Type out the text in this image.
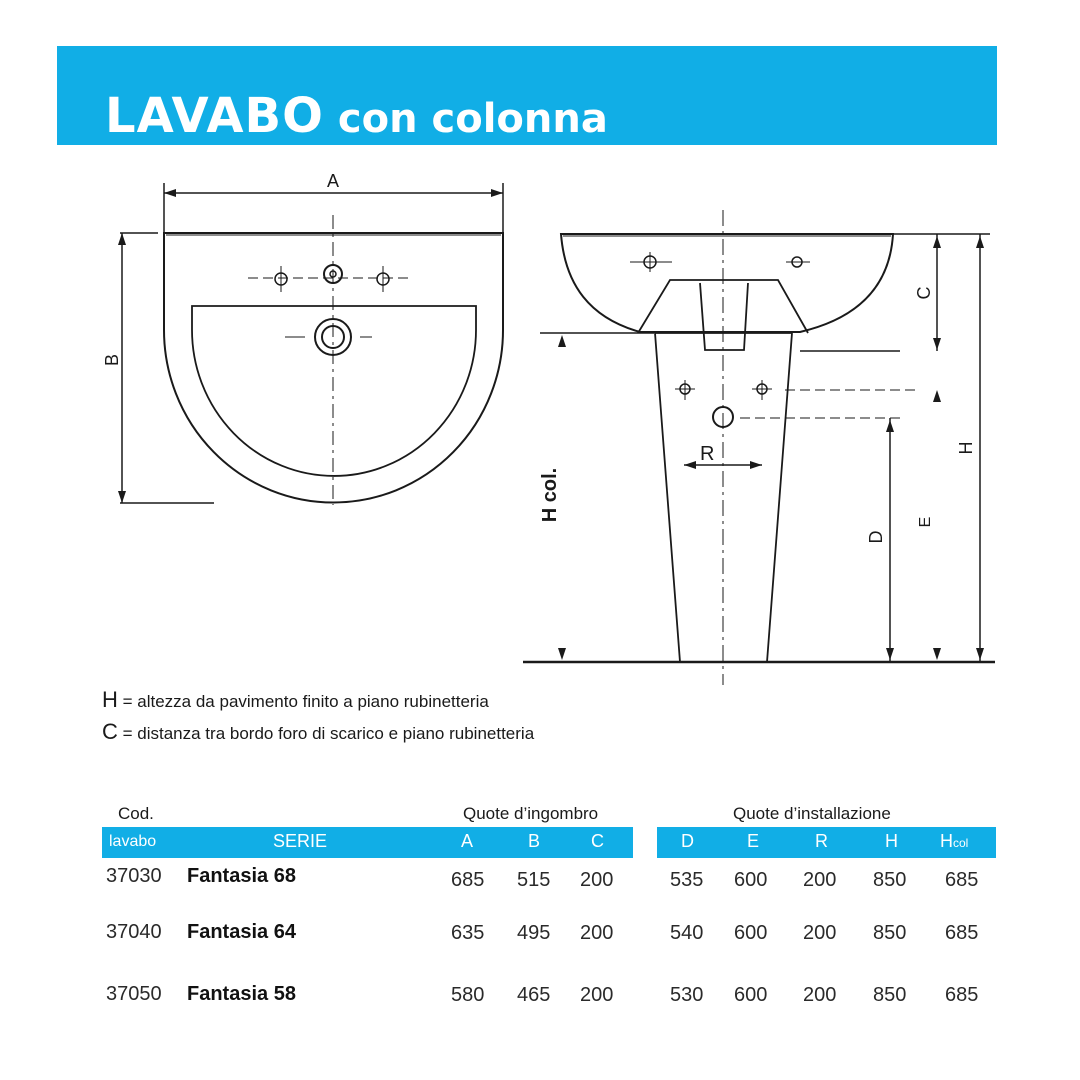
LAVABO con colonna
A
B
C
R	H
D
E
H col.
H = altezza da pavimento finito a piano rubinetteria
C = distanza tra bordo foro di scarico e piano rubinetteria
Cod.	Quote d’ingombro	Quote d’installazione
lavabo	SERIE	A	B	C	D	E	R	H Hcol
37030 Fantasia 68	685 515 200	535 600 200 850 685
37040 Fantasia 64	635 495 200	540 600 200 850 685
37050 Fantasia 58	580 465 200	530 600 200 850 685
